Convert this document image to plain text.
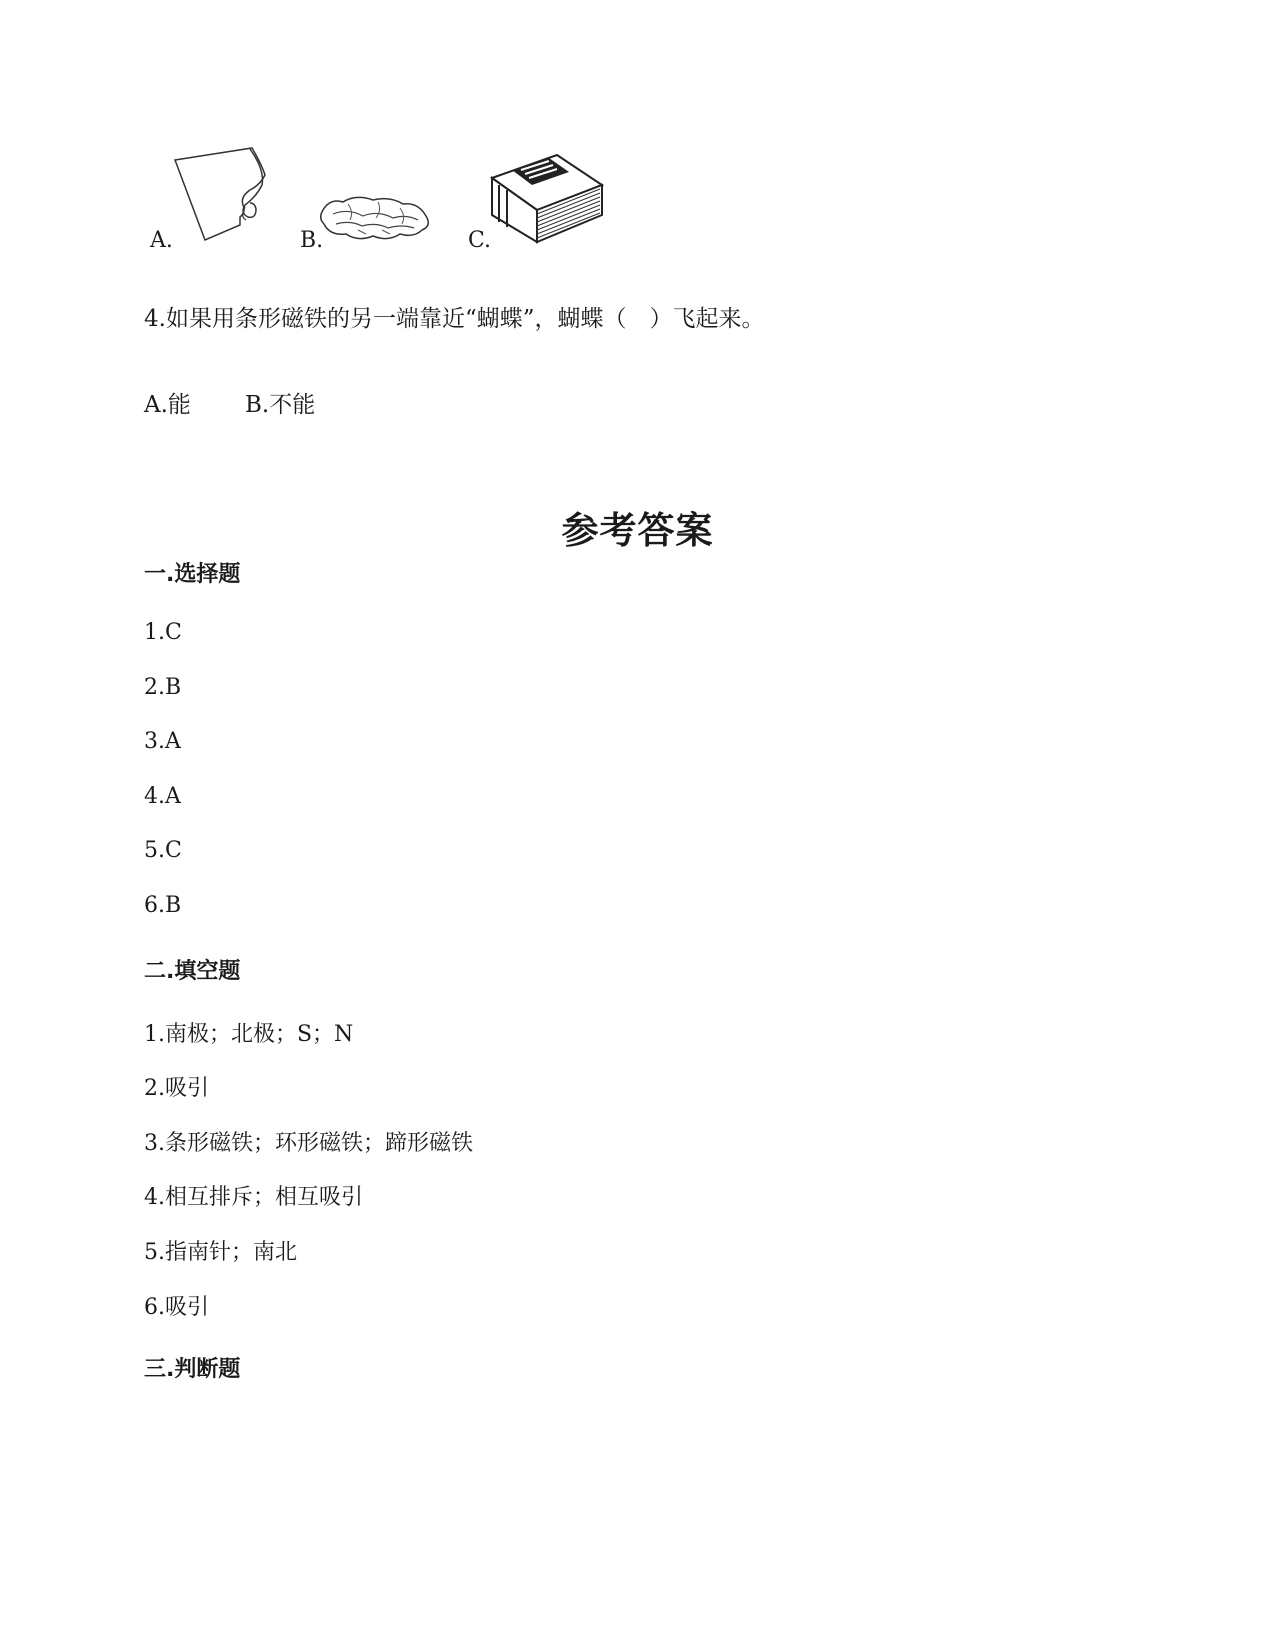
A.	B.	C.
4.如果用条形磁铁的另一端靠近“蝴蝶”，蝴蝶（　）飞起来。
A.能 B.不能
参考答案
一.选择题
1.C
2.B
3.A
4.A
5.C
6.B
二.填空题
1.南极；北极；S；N
2.吸引
3.条形磁铁；环形磁铁；蹄形磁铁
4.相互排斥；相互吸引
5.指南针；南北
6.吸引
三.判断题
